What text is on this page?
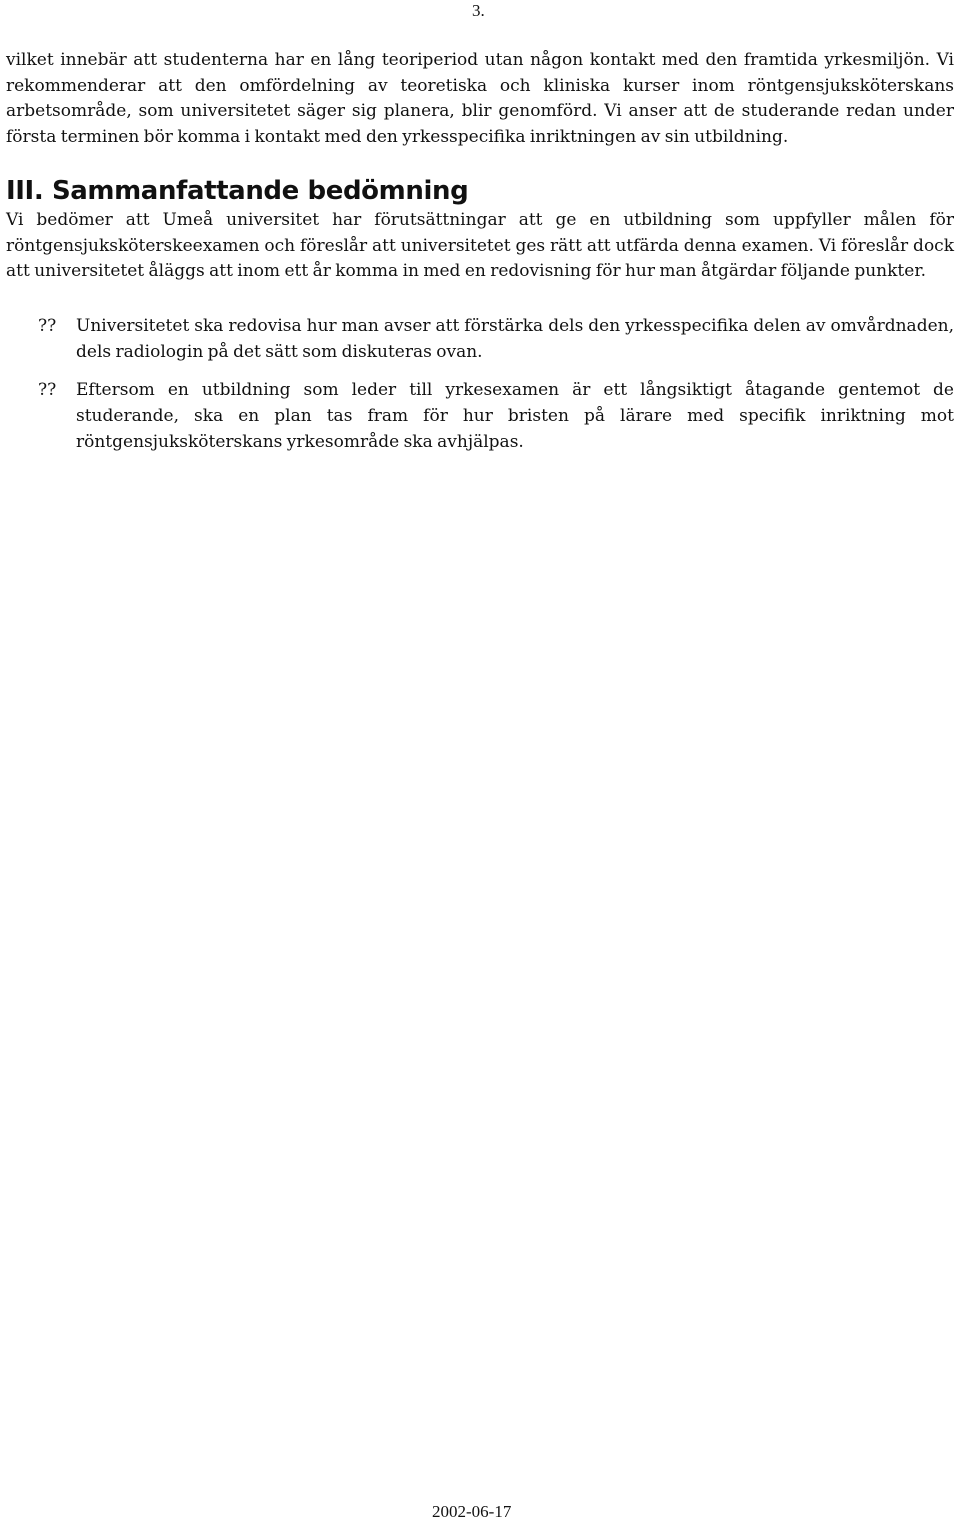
3.

vilket innebär att studenterna har en lång teoriperiod utan någon kontakt med den framtida yrkesmiljön. Vi rekommenderar att den omfördelning av teoretiska och kliniska kurser inom röntgensjuksköterskans arbetsområde, som universitetet säger sig planera, blir genomförd. Vi anser att de studerande redan under första terminen bör komma i kontakt med den yrkesspecifika inriktningen av sin utbildning.

III. Sammanfattande bedömning

Vi bedömer att Umeå universitet har förutsättningar att ge en utbildning som uppfyller målen för röntgensjuksköterskeexamen och föreslår att universitetet ges rätt att utfärda denna examen. Vi föreslår dock att universitetet åläggs att inom ett år komma in med en redovisning för hur man åtgärdar följande punkter.

?? Universitetet ska redovisa hur man avser att förstärka dels den yrkesspecifika delen av omvårdnaden, dels radiologin på det sätt som diskuteras ovan.
?? Eftersom en utbildning som leder till yrkesexamen är ett långsiktigt åtagande gentemot de studerande, ska en plan tas fram för hur bristen på lärare med specifik inriktning mot röntgensjuksköterskans yrkesområde ska avhjälpas.
2002-06-17
